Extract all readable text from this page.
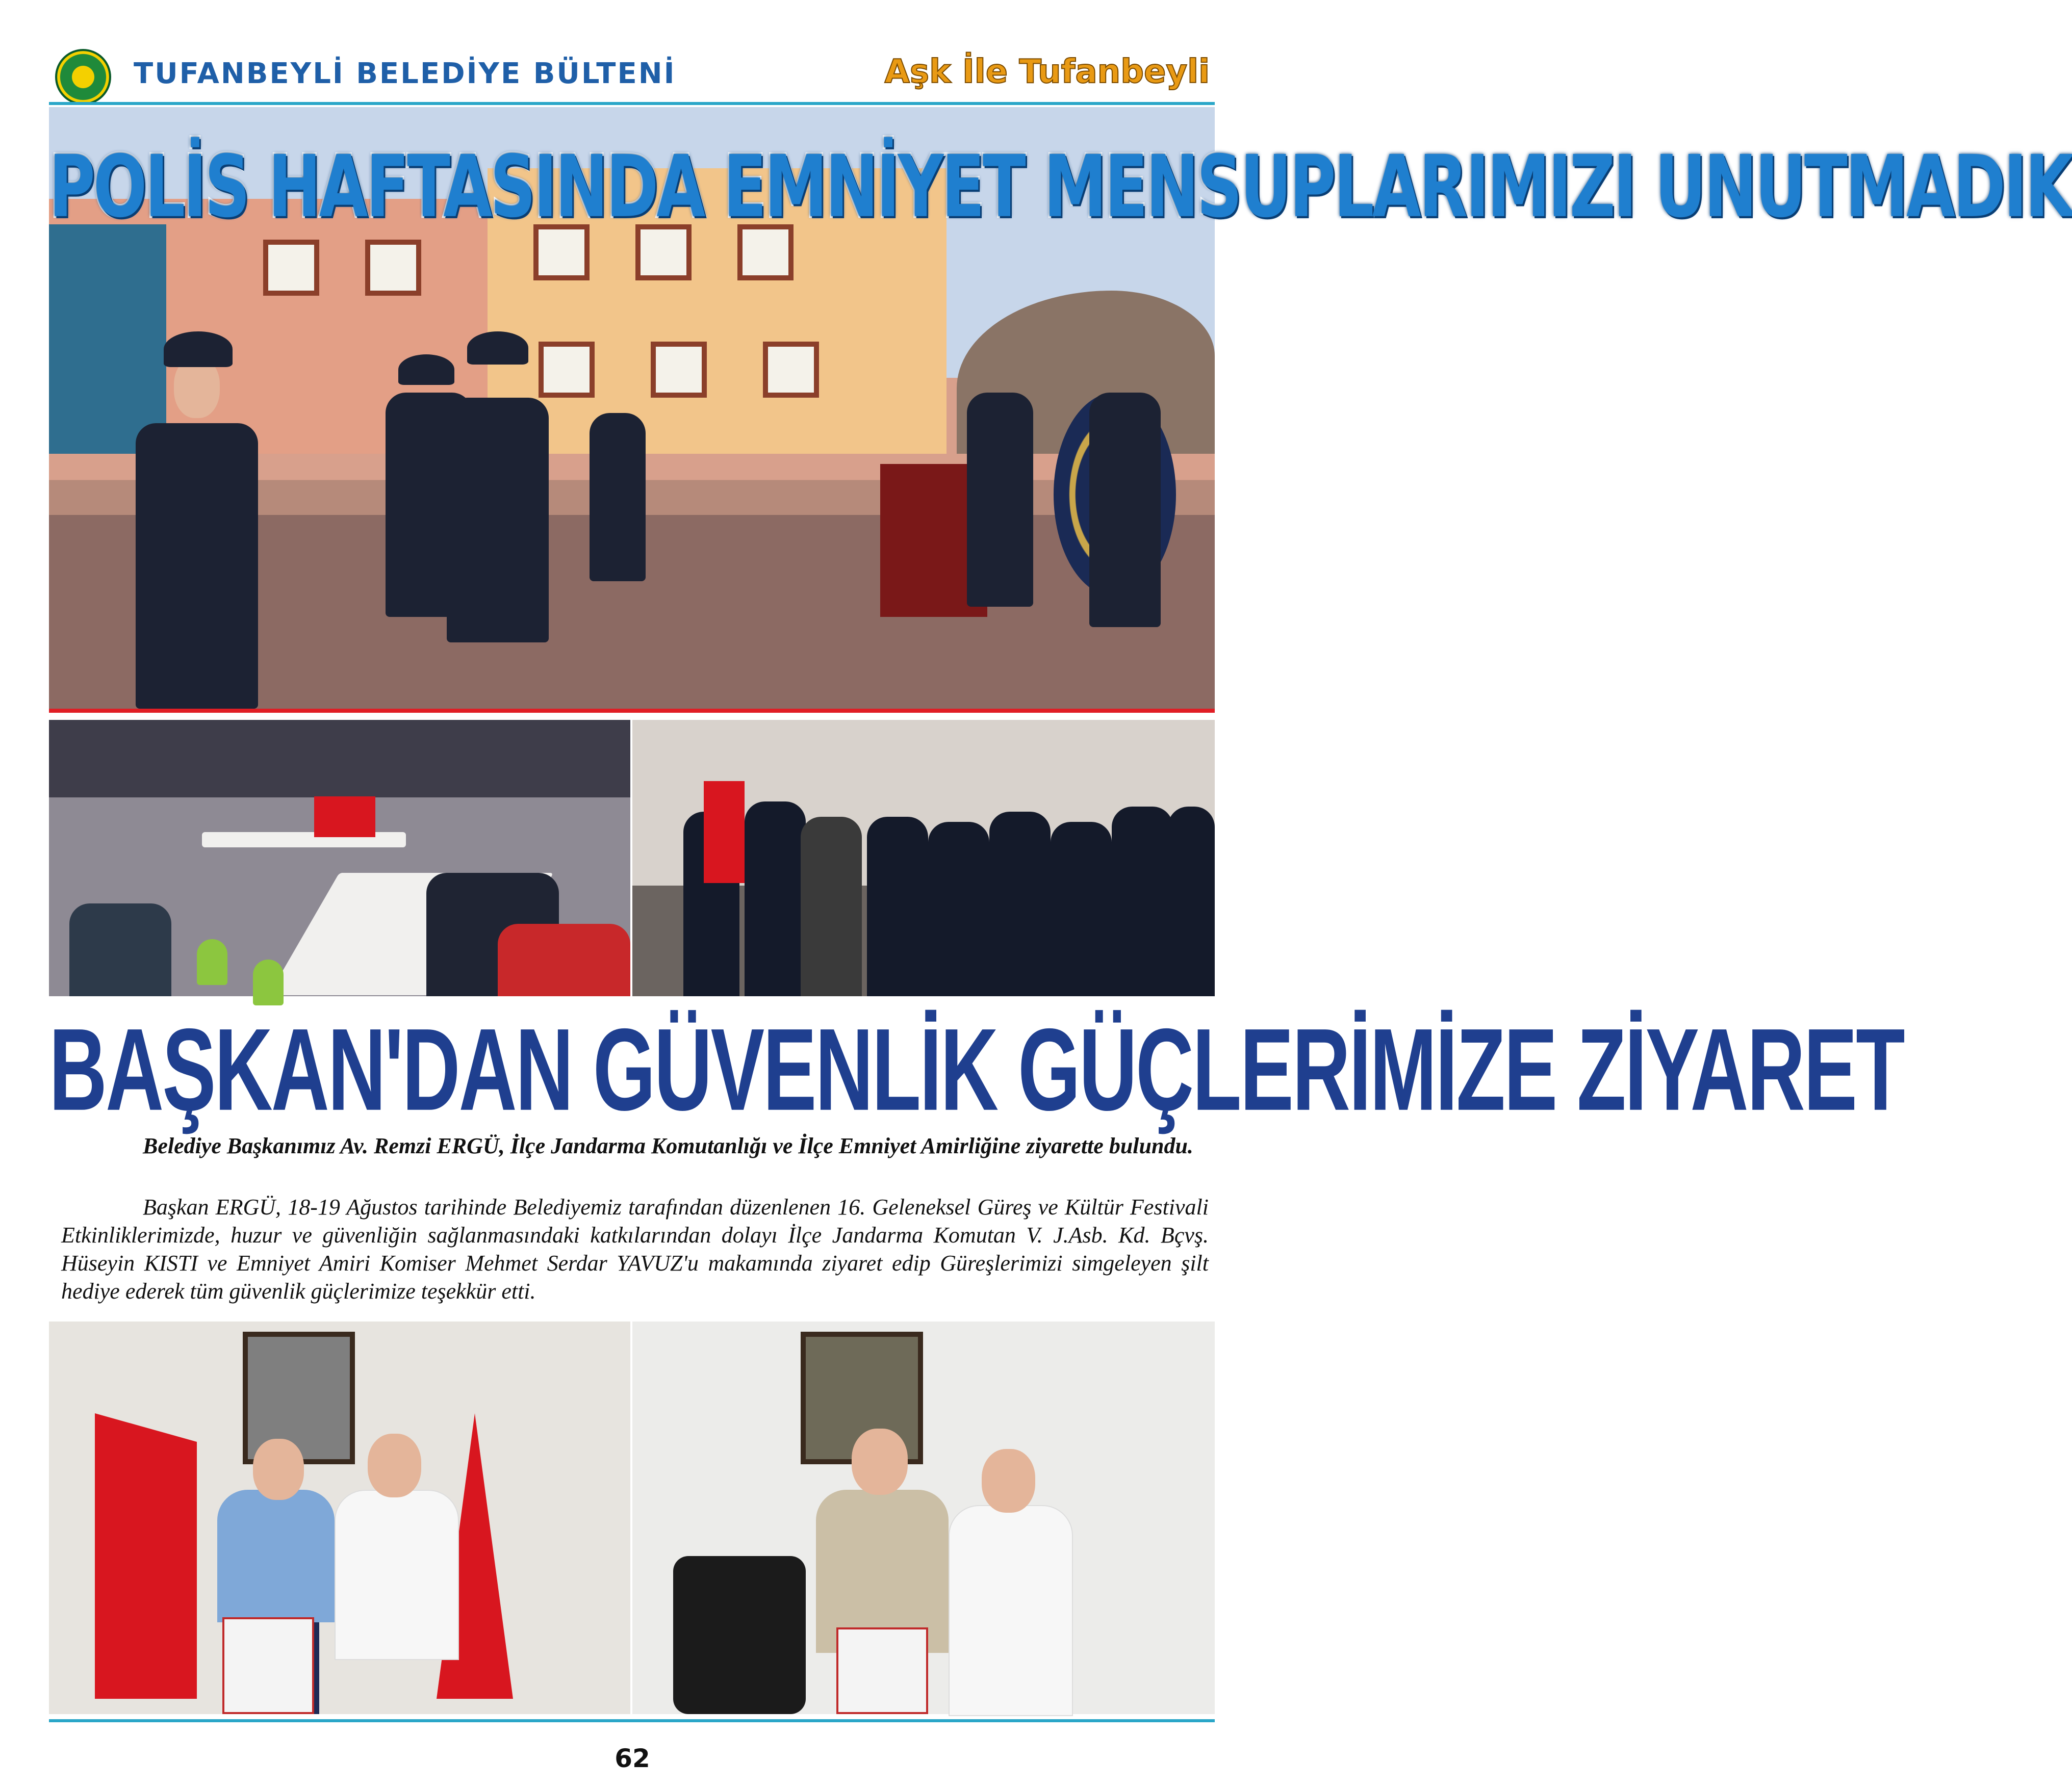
TUFANBEYLİ BELEDİYE BÜLTENİ	Aşk İle Tufanbeyli
POLİS HAFTASINDA EMNİYET MENSUPLARIMIZI UNUTMADIK
BAŞKAN'DAN GÜVENLİK GÜÇLERİMİZE ZİYARET
Belediye Başkanımız Av. Remzi ERGÜ, İlçe Jandarma Komutanlığı ve İlçe Emniyet Amirliğine ziyarette bulundu.
Başkan ERGÜ, 18-19 Ağustos tarihinde Belediyemiz tarafından düzenlenen 16. Geleneksel Güreş ve Kültür Festivali Etkinliklerimizde, huzur ve güvenliğin sağlanmasındaki katkılarından dolayı İlçe Jandarma Komutan V. J.Asb. Kd. Bçvş. Hüseyin KISTI ve Emniyet Amiri Komiser Mehmet Serdar YAVUZ'u makamında ziyaret edip Güreşlerimizi simgeleyen şilt hediye ederek tüm güvenlik güçlerimize teşekkür etti.
62
